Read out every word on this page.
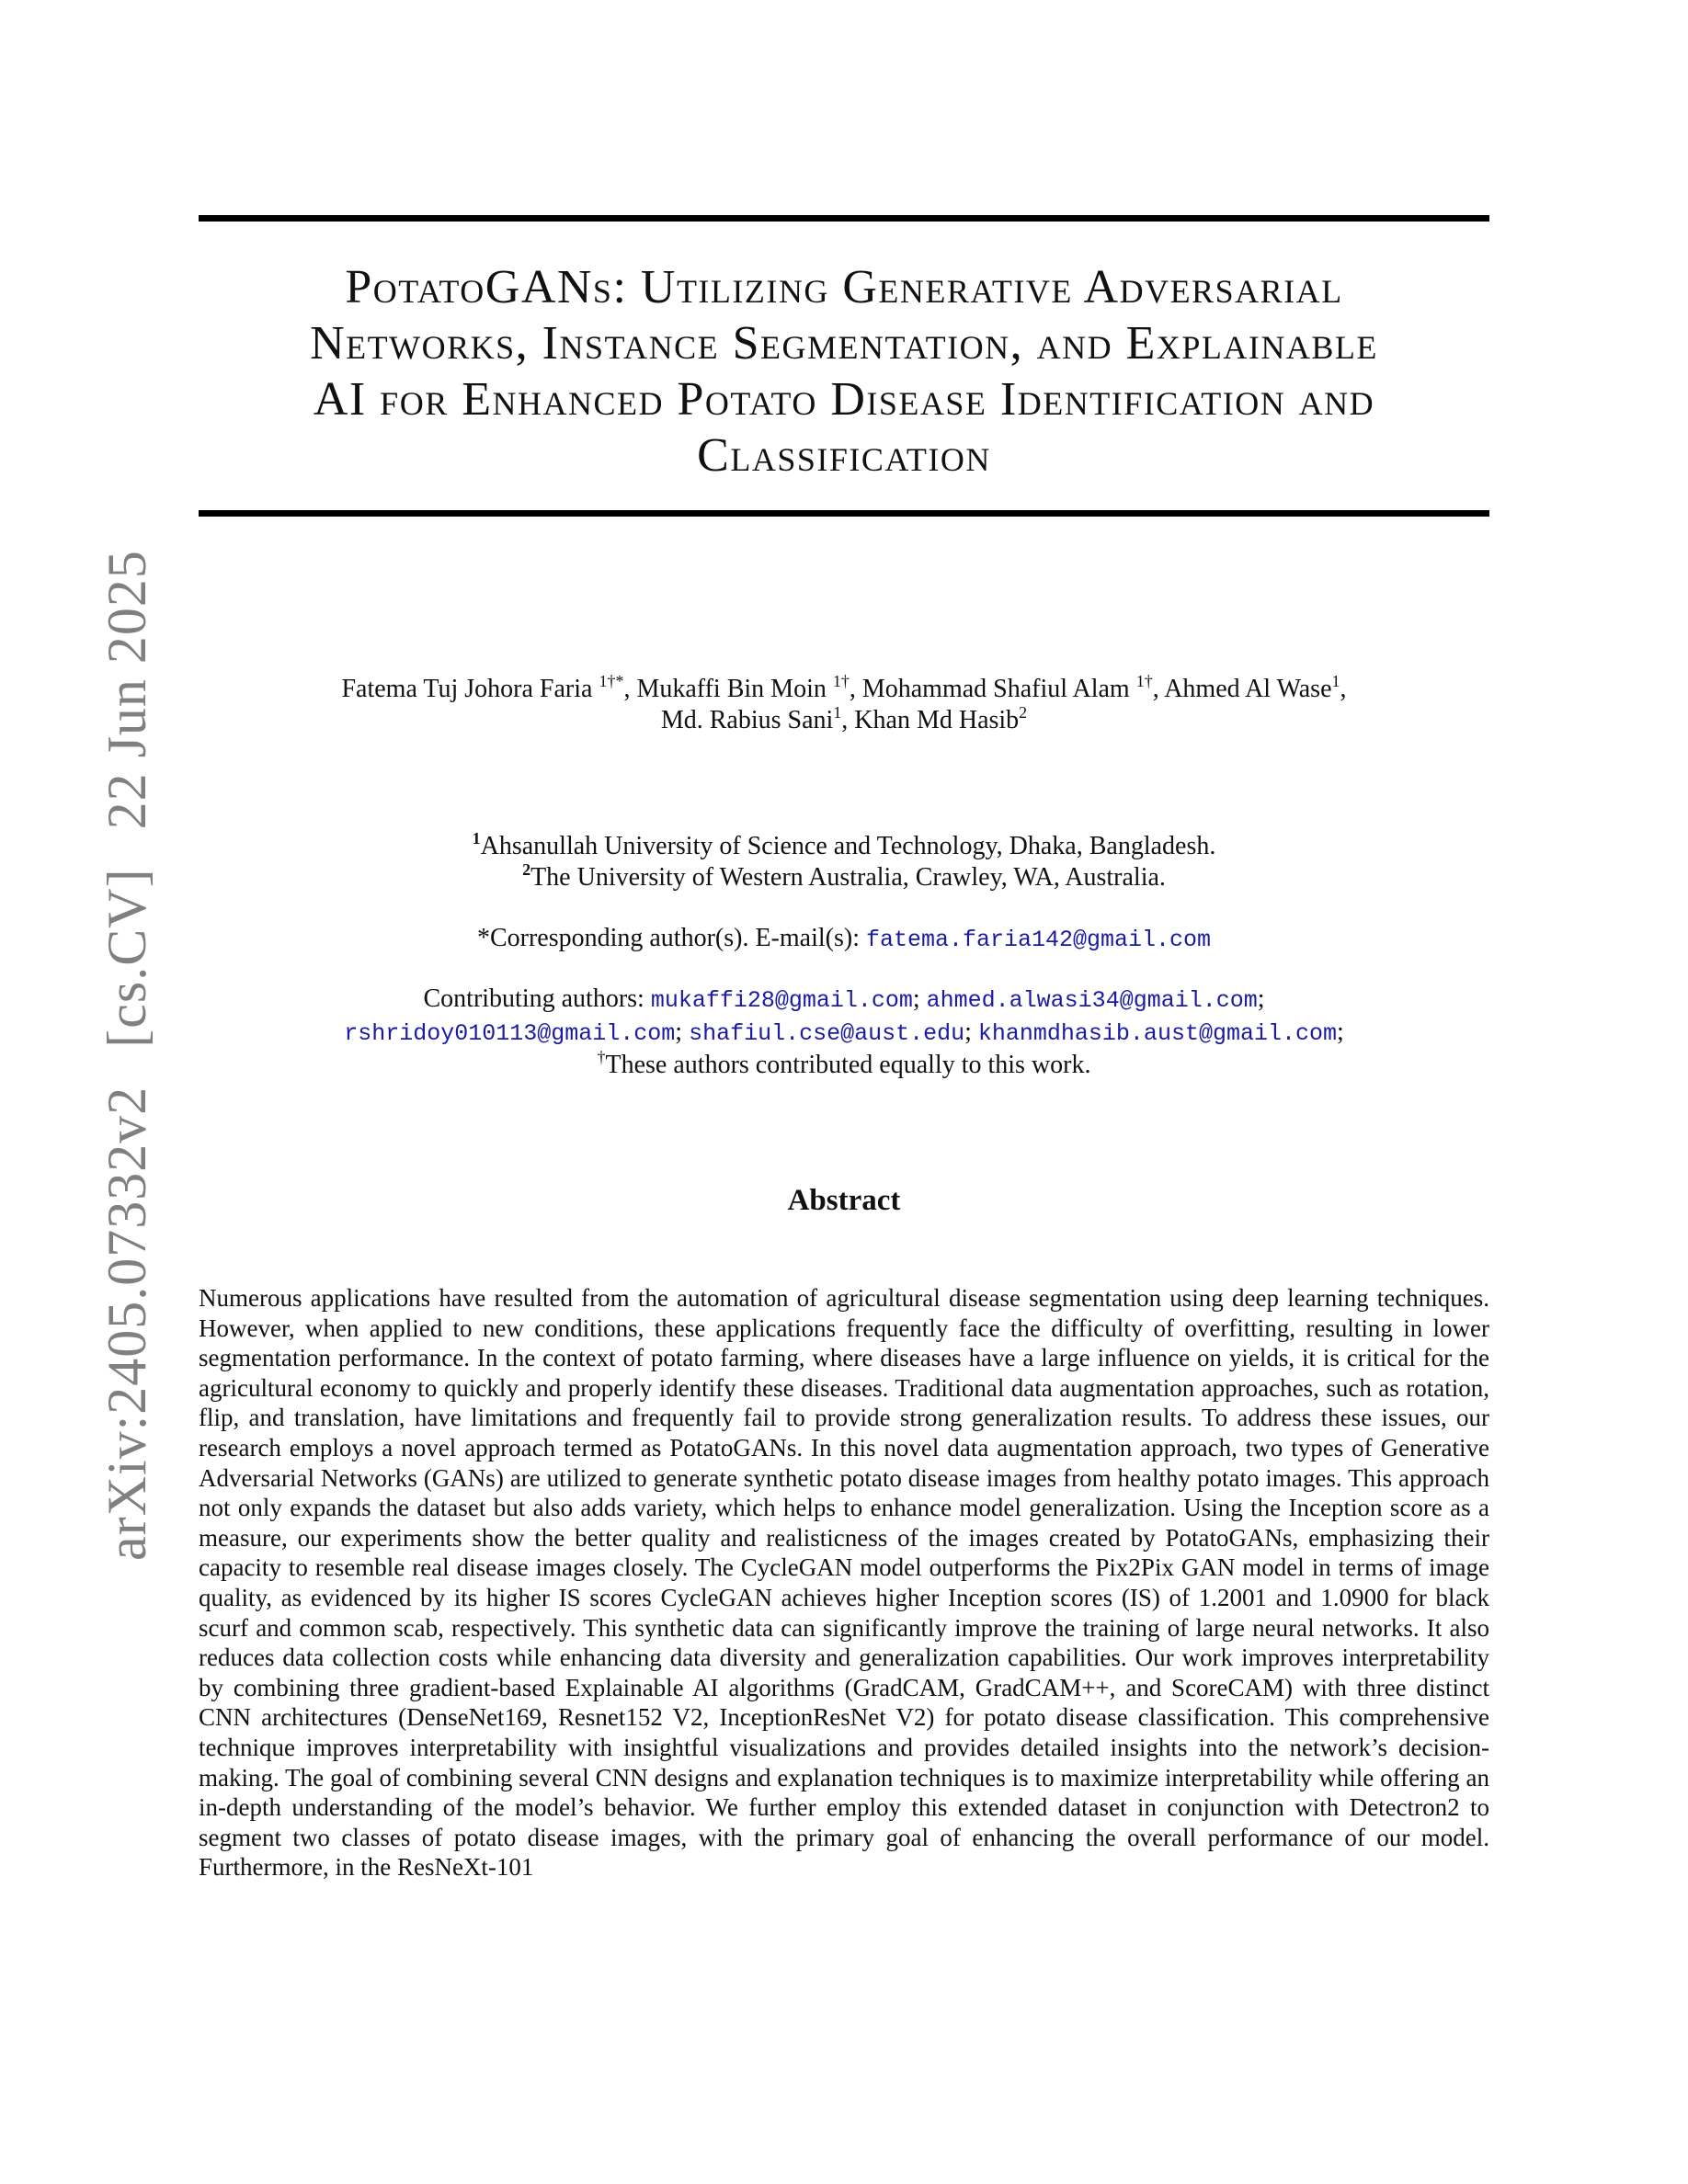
PotatoGANs: Utilizing Generative Adversarial
Networks, Instance Segmentation, and Explainable
AI for Enhanced Potato Disease Identification and
Classification
arXiv:2405.07332v2 [cs.CV] 22 Jun 2025	Fatema Tuj Johora Faria $^{1\dagger*}$, Mukaffi Bin Moin $^{1\dagger}$, Mohammad Shafiul Alam $^{1\dagger}$, Ahmed Al Wase$^1$,
Md. Rabius Sani$^1$, Khan Md Hasib$^2$
$^1$Ahsanullah University of Science and Technology, Dhaka, Bangladesh.
$^2$The University of Western Australia, Crawley, WA, Australia.
*Corresponding author(s). E-mail(s): fatema.faria142@gmail.com
Contributing authors: mukaffi28@gmail.com; ahmed.alwasi34@gmail.com;
rshridoy010113@gmail.com; shafiul.cse@aust.edu; khanmdhasib.aust@gmail.com;
†These authors contributed equally to this work.
Abstract
Numerous applications have resulted from the automation of agricultural disease segmentation using deep learning techniques. However, when applied to new conditions, these applications frequently face the difficulty of overfitting, resulting in lower segmentation performance. In the context of potato farming, where diseases have a large influence on yields, it is critical for the agricultural economy to quickly and properly identify these diseases. Traditional data augmentation approaches, such as rotation, flip, and translation, have limitations and frequently fail to provide strong generalization results. To address these issues, our research employs a novel approach termed as PotatoGANs. In this novel data augmentation approach, two types of Generative Adversarial Networks (GANs) are utilized to generate synthetic potato disease images from healthy potato images. This approach not only expands the dataset but also adds variety, which helps to enhance model generalization. Using the Inception score as a measure, our experiments show the better quality and realisticness of the images created by PotatoGANs, emphasizing their capacity to resemble real disease images closely. The CycleGAN model outperforms the Pix2Pix GAN model in terms of image quality, as evidenced by its higher IS scores CycleGAN achieves higher Inception scores (IS) of 1.2001 and 1.0900 for black scurf and common scab, respectively. This synthetic data can significantly improve the training of large neural networks. It also reduces data collection costs while enhancing data diversity and generalization capabilities. Our work improves interpretability by combining three gradient-based Explainable AI algorithms (GradCAM, GradCAM++, and ScoreCAM) with three distinct CNN architectures (DenseNet169, Resnet152 V2, InceptionResNet V2) for potato disease classification. This comprehensive technique improves interpretability with insightful visualizations and provides detailed insights into the network’s decision-making. The goal of combining several CNN designs and explanation techniques is to maximize interpretability while offering an in-depth understanding of the model’s behavior. We further employ this extended dataset in conjunction with Detectron2 to segment two classes of potato disease images, with the primary goal of enhancing the overall performance of our model. Furthermore, in the ResNeXt-101
